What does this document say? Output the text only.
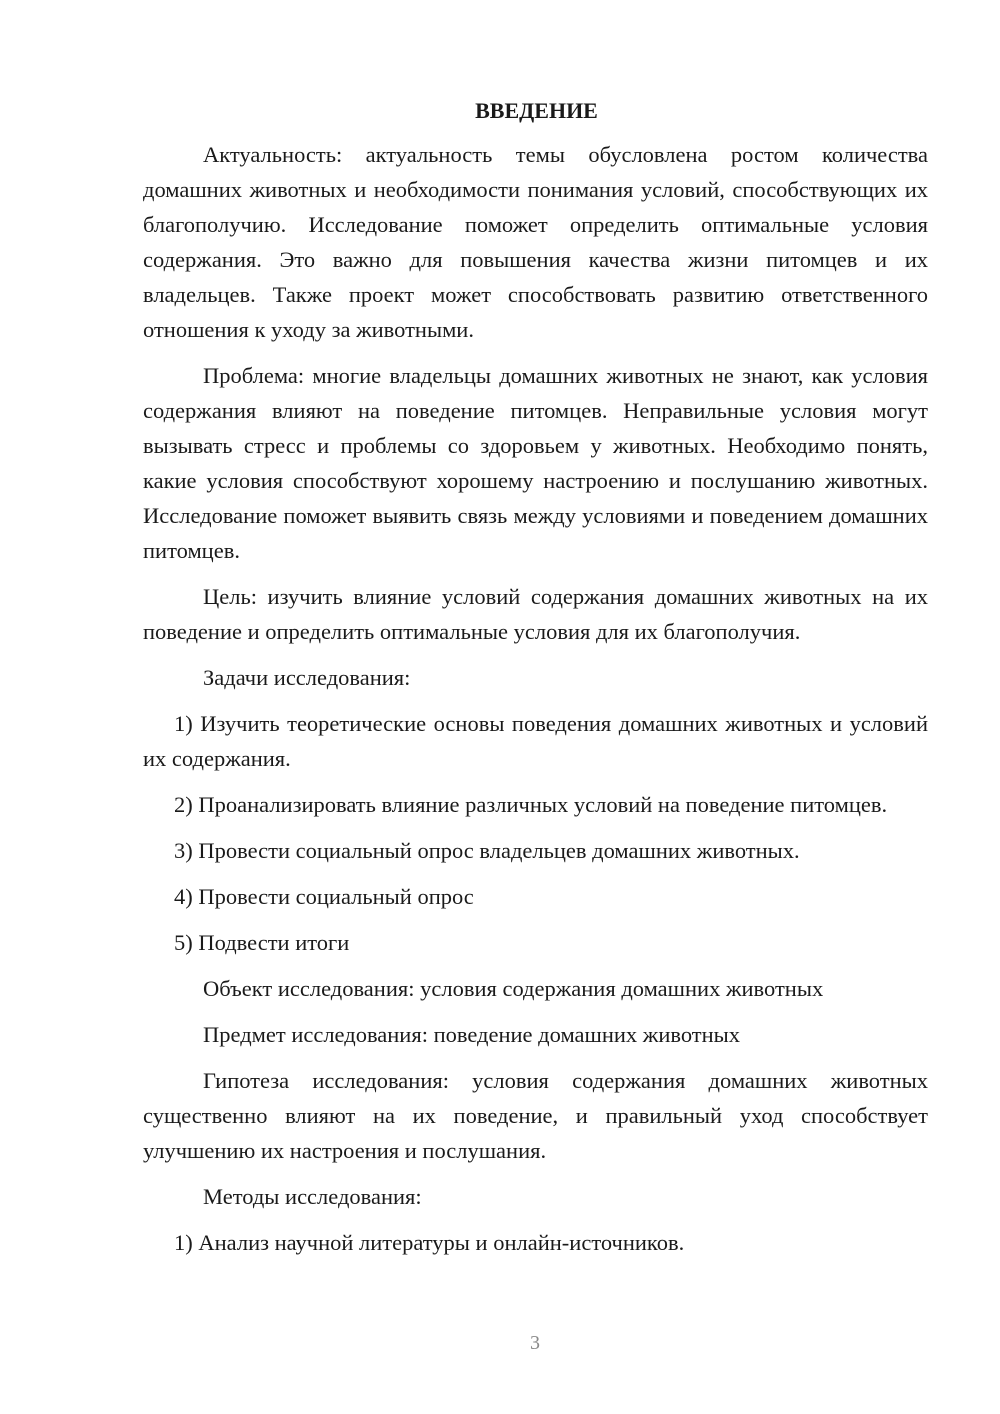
ВВЕДЕНИЕ

Актуальность: актуальность темы обусловлена ростом количества домашних животных и необходимости понимания условий, способствующих их благополучию. Исследование поможет определить оптимальные условия содержания. Это важно для повышения качества жизни питомцев и их владельцев. Также проект может способствовать развитию ответственного отношения к уходу за животными.

Проблема: многие владельцы домашних животных не знают, как условия содержания влияют на поведение питомцев. Неправильные условия могут вызывать стресс и проблемы со здоровьем у животных. Необходимо понять, какие условия способствуют хорошему настроению и послушанию животных. Исследование поможет выявить связь между условиями и поведением домашних питомцев.

Цель: изучить влияние условий содержания домашних животных на их поведение и определить оптимальные условия для их благополучия.

Задачи исследования:

1) Изучить теоретические основы поведения домашних животных и условий их содержания.

2) Проанализировать влияние различных условий на поведение питомцев.

3) Провести социальный опрос владельцев домашних животных.

4) Провести социальный опрос

5) Подвести итоги

Объект исследования: условия содержания домашних животных

Предмет исследования: поведение домашних животных

Гипотеза исследования: условия содержания домашних животных существенно влияют на их поведение, и правильный уход способствует улучшению их настроения и послушания.

Методы исследования:

1) Анализ научной литературы и онлайн-источников.

3
